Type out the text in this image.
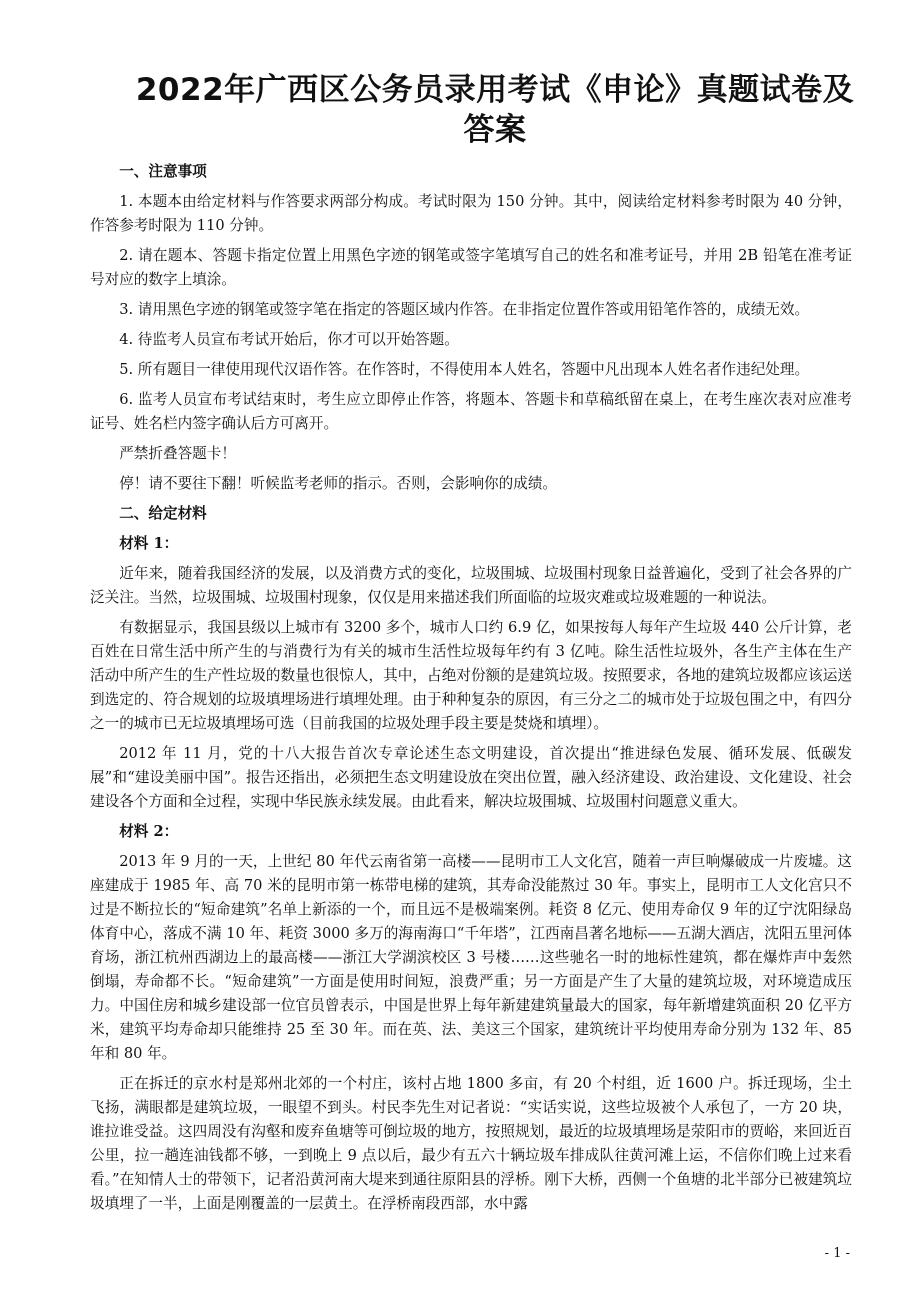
2022年广西区公务员录用考试《申论》真题试卷及答案
一、注意事项

1. 本题本由给定材料与作答要求两部分构成。考试时限为 150 分钟。其中，阅读给定材料参考时限为 40 分钟，作答参考时限为 110 分钟。

2. 请在题本、答题卡指定位置上用黑色字迹的钢笔或签字笔填写自己的姓名和准考证号，并用 2B 铅笔在准考证号对应的数字上填涂。

3. 请用黑色字迹的钢笔或签字笔在指定的答题区域内作答。在非指定位置作答或用铅笔作答的，成绩无效。

4. 待监考人员宣布考试开始后，你才可以开始答题。

5. 所有题目一律使用现代汉语作答。在作答时，不得使用本人姓名，答题中凡出现本人姓名者作违纪处理。

6. 监考人员宣布考试结束时，考生应立即停止作答，将题本、答题卡和草稿纸留在桌上，在考生座次表对应准考证号、姓名栏内签字确认后方可离开。

严禁折叠答题卡！

停！请不要往下翻！听候监考老师的指示。否则，会影响你的成绩。

二、给定材料
材料 1：

近年来，随着我国经济的发展，以及消费方式的变化，垃圾围城、垃圾围村现象日益普遍化，受到了社会各界的广泛关注。当然，垃圾围城、垃圾围村现象，仅仅是用来描述我们所面临的垃圾灾难或垃圾难题的一种说法。

有数据显示，我国县级以上城市有 3200 多个，城市人口约 6.9 亿，如果按每人每年产生垃圾 440 公斤计算，老百姓在日常生活中所产生的与消费行为有关的城市生活性垃圾每年约有 3 亿吨。除生活性垃圾外，各生产主体在生产活动中所产生的生产性垃圾的数量也很惊人，其中，占绝对份额的是建筑垃圾。按照要求，各地的建筑垃圾都应该运送到选定的、符合规划的垃圾填埋场进行填埋处理。由于种种复杂的原因，有三分之二的城市处于垃圾包围之中，有四分之一的城市已无垃圾填埋场可选（目前我国的垃圾处理手段主要是焚烧和填埋）。

2012 年 11 月，党的十八大报告首次专章论述生态文明建设，首次提出“推进绿色发展、循环发展、低碳发展”和“建设美丽中国”。报告还指出，必须把生态文明建设放在突出位置，融入经济建设、政治建设、文化建设、社会建设各个方面和全过程，实现中华民族永续发展。由此看来，解决垃圾围城、垃圾围村问题意义重大。

材料 2：

2013 年 9 月的一天，上世纪 80 年代云南省第一高楼——昆明市工人文化宫，随着一声巨响爆破成一片废墟。这座建成于 1985 年、高 70 米的昆明市第一栋带电梯的建筑，其寿命没能熬过 30 年。事实上，昆明市工人文化宫只不过是不断拉长的“短命建筑”名单上新添的一个，而且远不是极端案例。耗资 8 亿元、使用寿命仅 9 年的辽宁沈阳绿岛体育中心，落成不满 10 年、耗资 3000 多万的海南海口“千年塔”，江西南昌著名地标——五湖大酒店，沈阳五里河体育场，浙江杭州西湖边上的最高楼——浙江大学湖滨校区 3 号楼……这些驰名一时的地标性建筑，都在爆炸声中轰然倒塌，寿命都不长。“短命建筑”一方面是使用时间短，浪费严重；另一方面是产生了大量的建筑垃圾，对环境造成压力。中国住房和城乡建设部一位官员曾表示，中国是世界上每年新建建筑量最大的国家，每年新增建筑面积 20 亿平方米，建筑平均寿命却只能维持 25 至 30 年。而在英、法、美这三个国家，建筑统计平均使用寿命分别为 132 年、85 年和 80 年。

正在拆迁的京水村是郑州北郊的一个村庄，该村占地 1800 多亩，有 20 个村组，近 1600 户。拆迁现场，尘土飞扬，满眼都是建筑垃圾，一眼望不到头。村民李先生对记者说：“实话实说，这些垃圾被个人承包了，一方 20 块，谁拉谁受益。这四周没有沟壑和废弃鱼塘等可倒垃圾的地方，按照规划，最近的垃圾填埋场是荥阳市的贾峪，来回近百公里，拉一趟连油钱都不够，一到晚上 9 点以后，最少有五六十辆垃圾车排成队往黄河滩上运，不信你们晚上过来看看。”在知情人士的带领下，记者沿黄河南大堤来到通往原阳县的浮桥。刚下大桥，西侧一个鱼塘的北半部分已被建筑垃圾填埋了一半，上面是刚覆盖的一层黄土。在浮桥南段西部，水中露

- 1 -
